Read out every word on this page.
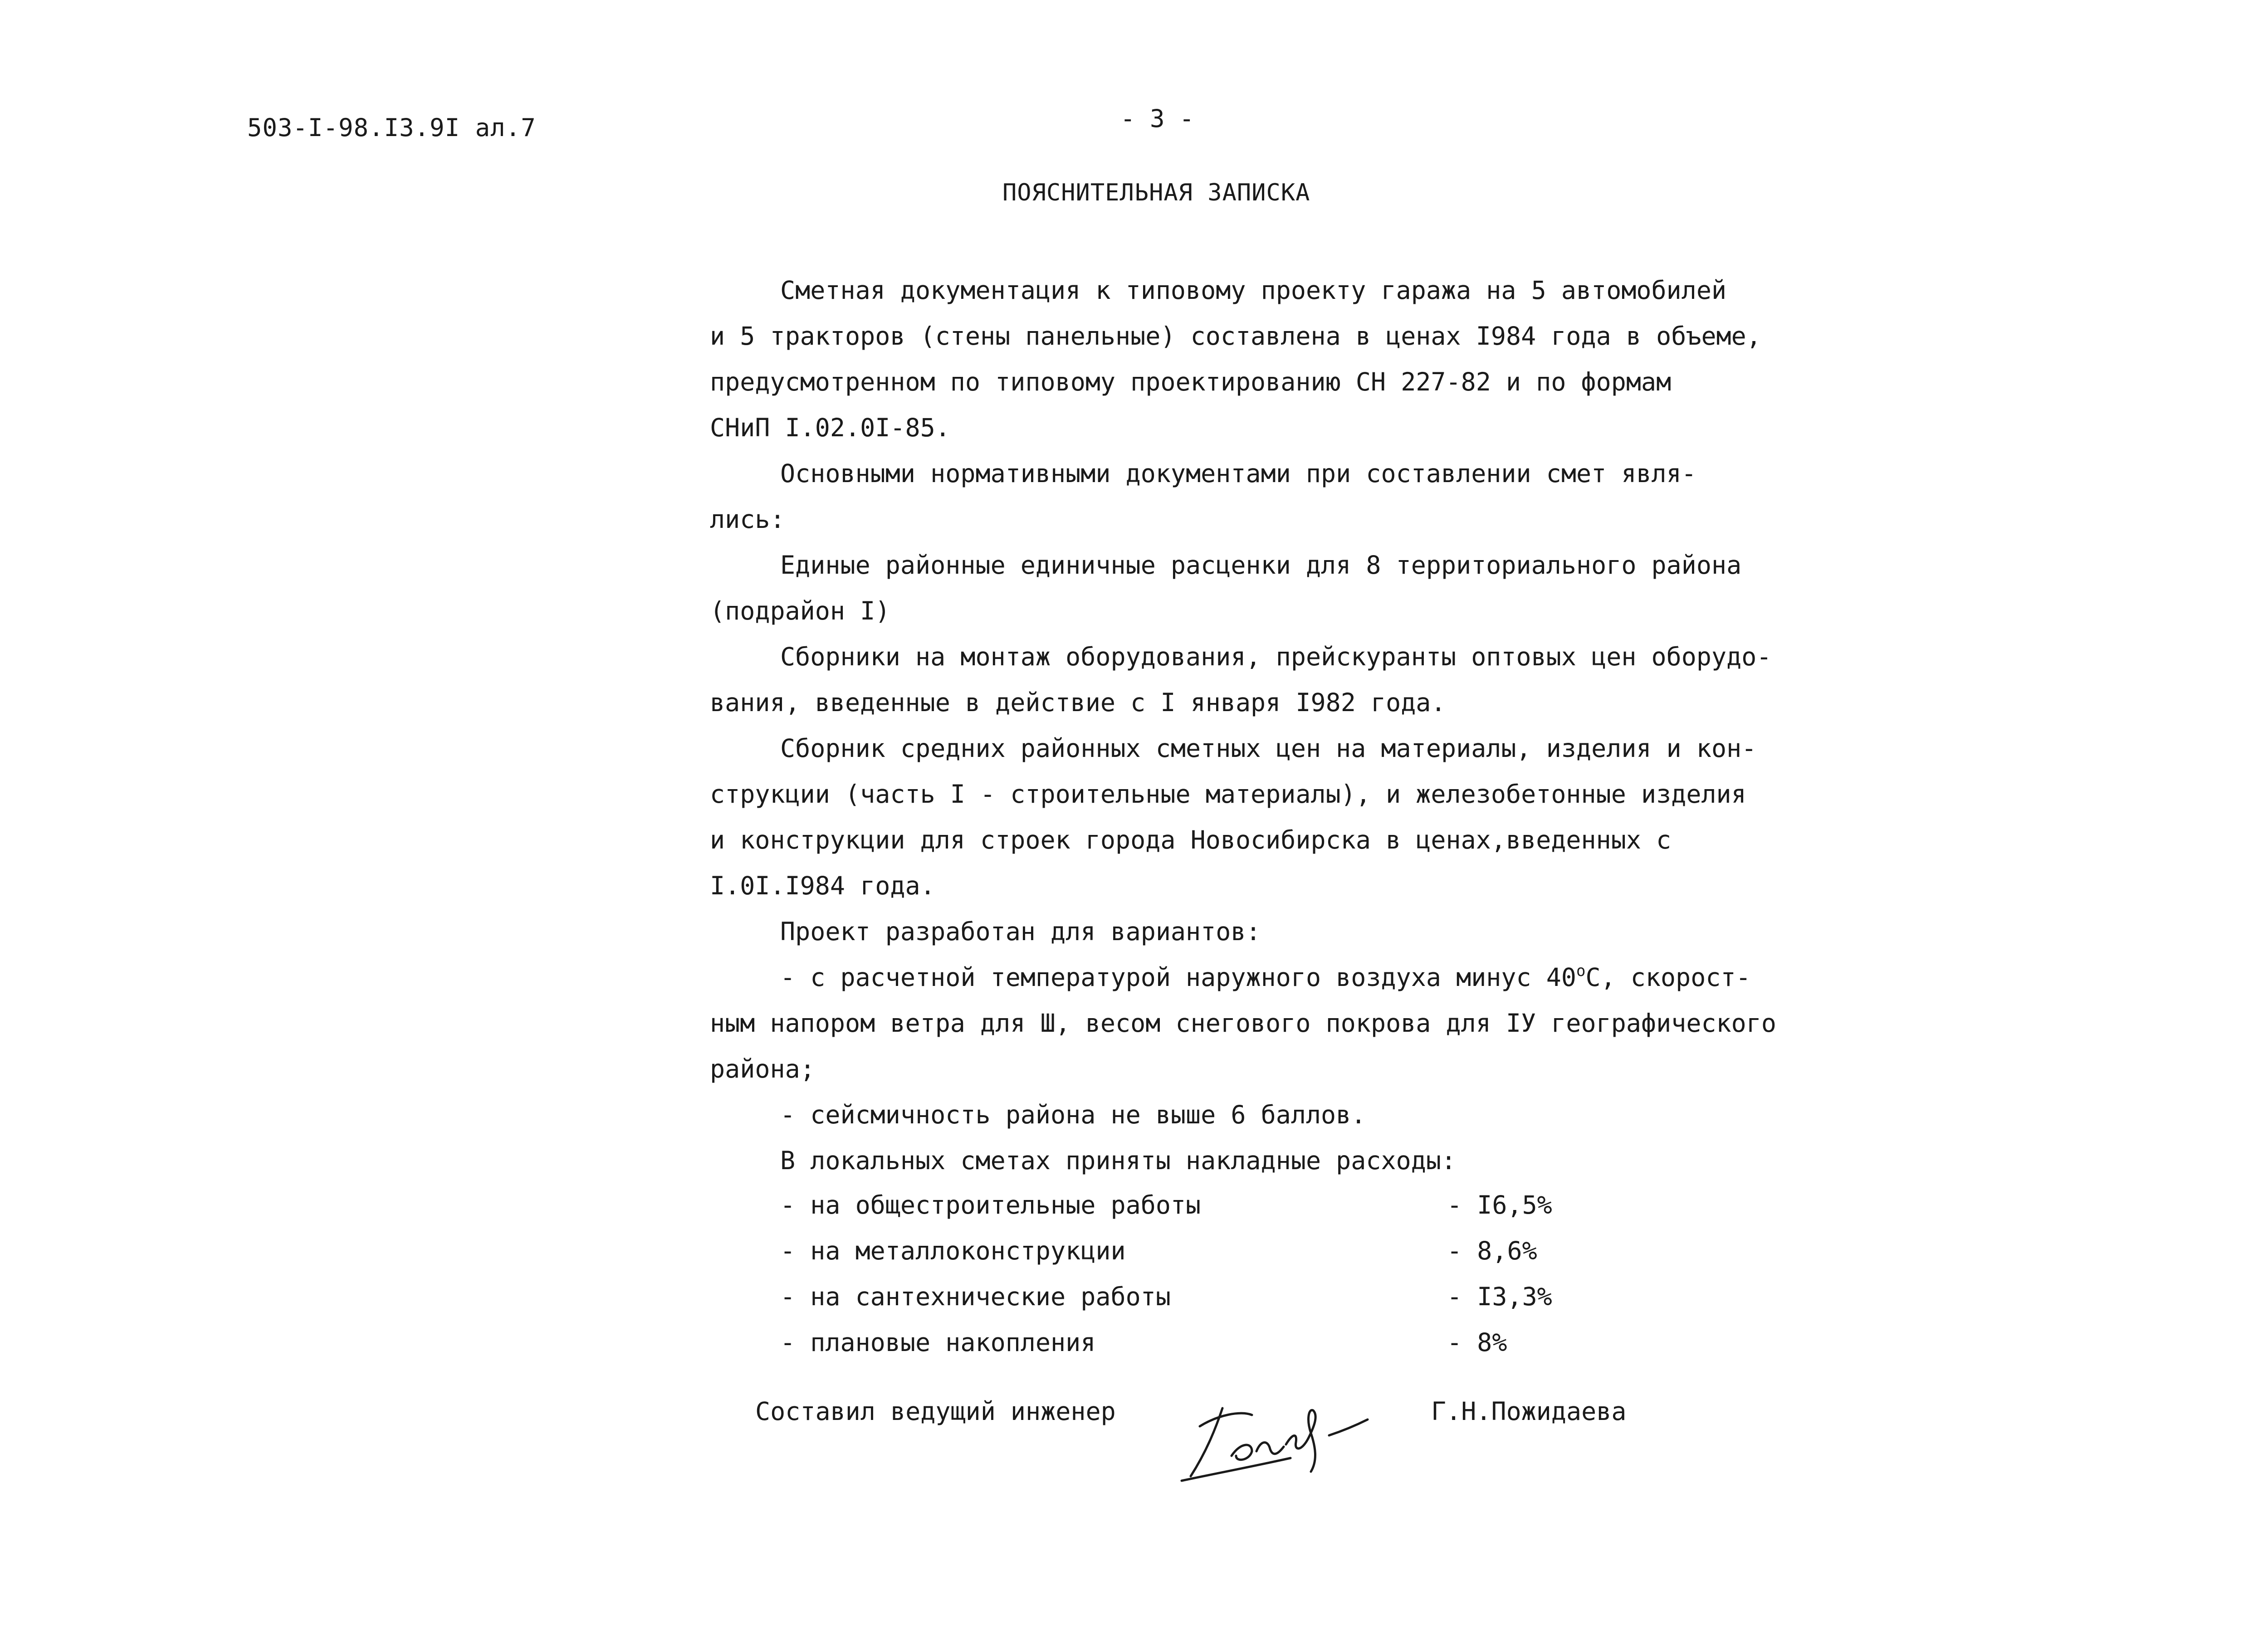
503-I-98.I3.9I ал.7	- 3 -
ПОЯСНИТЕЛЬНАЯ ЗАПИСКА
Сметная документация к типовому проекту гаража на 5 автомобилей
и 5 тракторов (стены панельные) составлена в ценах I984 года в объеме,
предусмотренном по типовому проектированию СН 227-82 и по формам
СНиП I.02.0I-85.
Основными нормативными документами при составлении смет явля-
лись:
Единые районные единичные расценки для 8 территориального района
(подрайон I)
Сборники на монтаж оборудования, прейскуранты оптовых цен оборудо-
вания, введенные в действие с I января I982 года.
Сборник средних районных сметных цен на материалы, изделия и кон-
струкции (часть I - строительные материалы), и железобетонные изделия
и конструкции для строек города Новосибирска в ценах,введенных с
I.0I.I984 года.
Проект разработан для вариантов:
- с расчетной температурой наружного воздуха минус $40^оС$, скорост-
ным напором ветра для Ш, весом снегового покрова для IУ географического
района;
- сейсмичность района не выше 6 баллов.
В локальных сметах приняты накладные расходы:
- на общестроительные работы	- I6,5%
- на металлоконструкции	- 8,6%
- на сантехнические работы	- I3,3%
- плановые накопления	- 8%
Составил ведущий инженер	Г.Н.Пожидаева
